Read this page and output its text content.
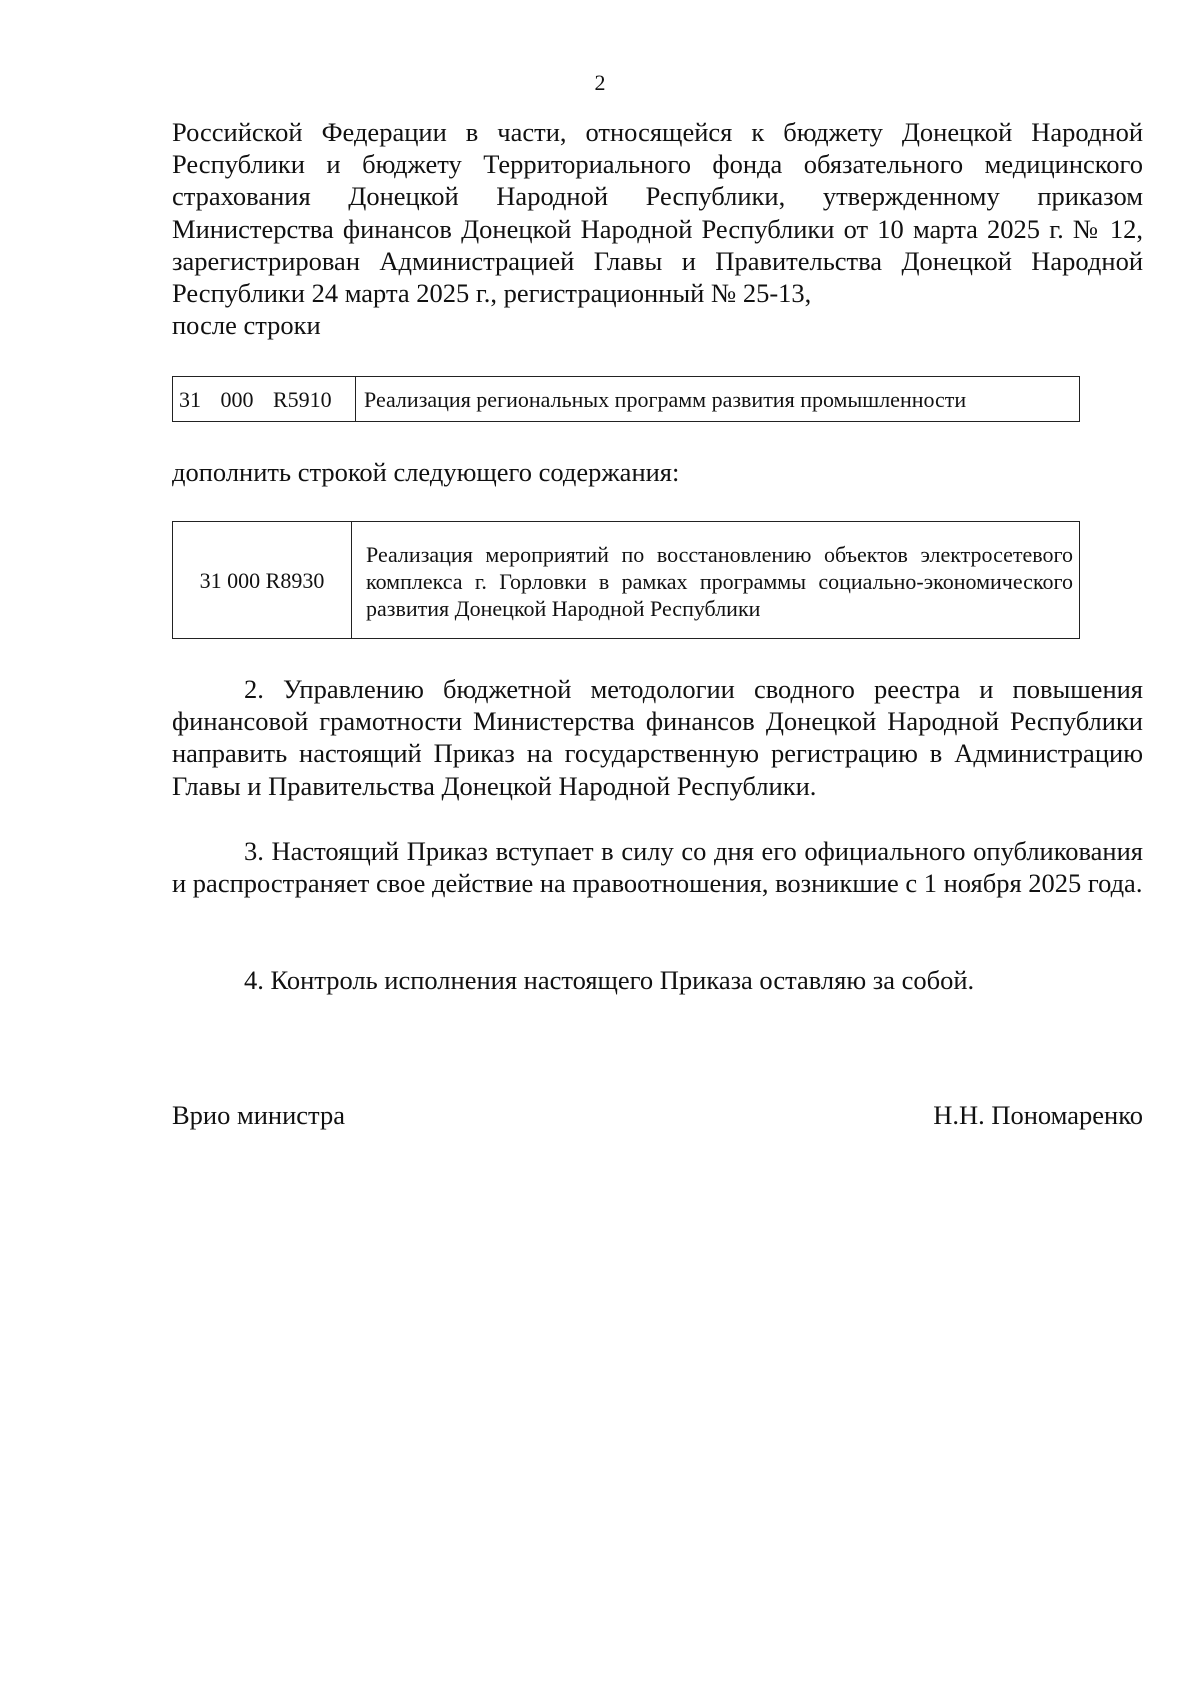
2

Российской Федерации в части, относящейся к бюджету Донецкой Народной Республики и бюджету Территориального фонда обязательного медицинского страхования Донецкой Народной Республики, утвержденному приказом Министерства финансов Донецкой Народной Республики от 10 марта 2025 г. № 12, зарегистрирован Администрацией Главы и Правительства Донецкой Народной Республики 24 марта 2025 г., регистрационный № 25-13,

после строки

31 000 R5910	Реализация региональных программ развития промышленности

дополнить строкой следующего содержания:

31 000 R8930	Реализация мероприятий по восстановлению объектов электросетевого комплекса г. Горловки в рамках программы социально-экономического развития Донецкой Народной Республики

2. Управлению бюджетной методологии сводного реестра и повышения финансовой грамотности Министерства финансов Донецкой Народной Республики направить настоящий Приказ на государственную регистрацию в Администрацию Главы и Правительства Донецкой Народной Республики.

3. Настоящий Приказ вступает в силу со дня его официального опубликования и распространяет свое действие на правоотношения, возникшие с 1 ноября 2025 года.

4. Контроль исполнения настоящего Приказа оставляю за собой.

Врио министра	Н.Н. Пономаренко
